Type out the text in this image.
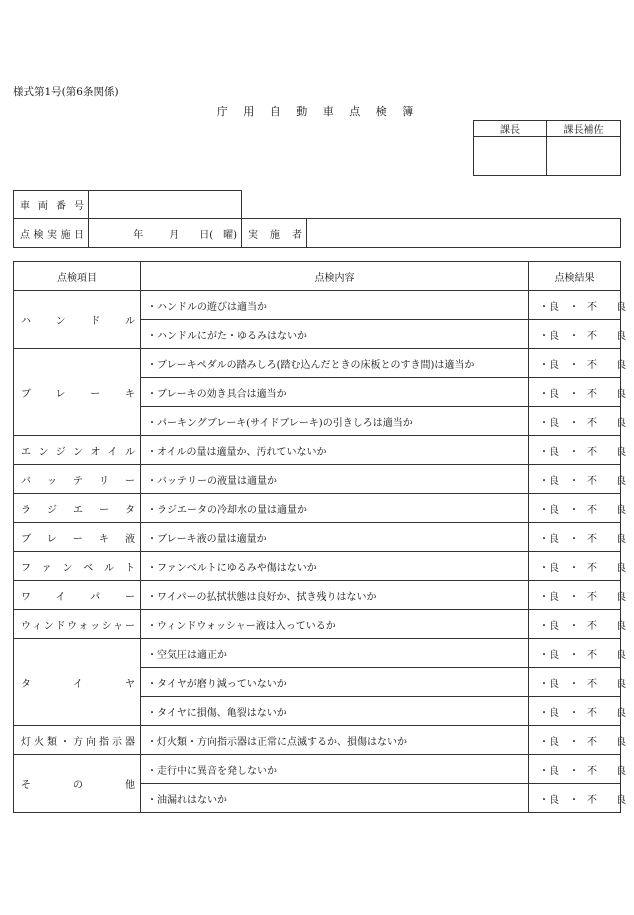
様式第1号(第6条関係)
庁 用 自 動 車 点 検 簿
課長	課長補佐

車 両 番 号	
点検実施日	年	月 日(　曜)	実 施 者	
点検項目	点検内容	点検結果
ハンドル	・ハンドルの遊びは適当か	・良 ・不 良
	・ハンドルにがた・ゆるみはないか	・良 ・不 良
ブレーキ	・ブレーキペダルの踏みしろ(踏む込んだときの床板とのすき間)は適当か	・良 ・不 良
	・ブレーキの効き具合は適当か	・良 ・不 良
	・パーキングブレーキ(サイドブレーキ)の引きしろは適当か	・良 ・不 良
エンジンオイル	・オイルの量は適量か、汚れていないか	・良 ・不 良
バッテリー	・バッテリーの液量は適量か	・良 ・不 良
ラジエータ	・ラジエータの冷却水の量は適量か	・良 ・不 良
ブレーキ液	・ブレーキ液の量は適量か	・良 ・不 良
ファンベルト	・ファンベルトにゆるみや傷はないか	・良 ・不 良
ワイパー	・ワイパーの払拭状態は良好か、拭き残りはないか	・良 ・不 良
ウィンドウォッシャー	・ウィンドウォッシャー液は入っているか	・良 ・不 良
タイヤ	・空気圧は適正か	・良 ・不 良
	・タイヤが磨り減っていないか	・良 ・不 良
	・タイヤに損傷、亀裂はないか	・良 ・不 良
灯火類・方向指示器	・灯火類・方向指示器は正常に点滅するか、損傷はないか	・良 ・不 良
その他	・走行中に異音を発しないか	・良 ・不 良
	・油漏れはないか	・良 ・不 良
